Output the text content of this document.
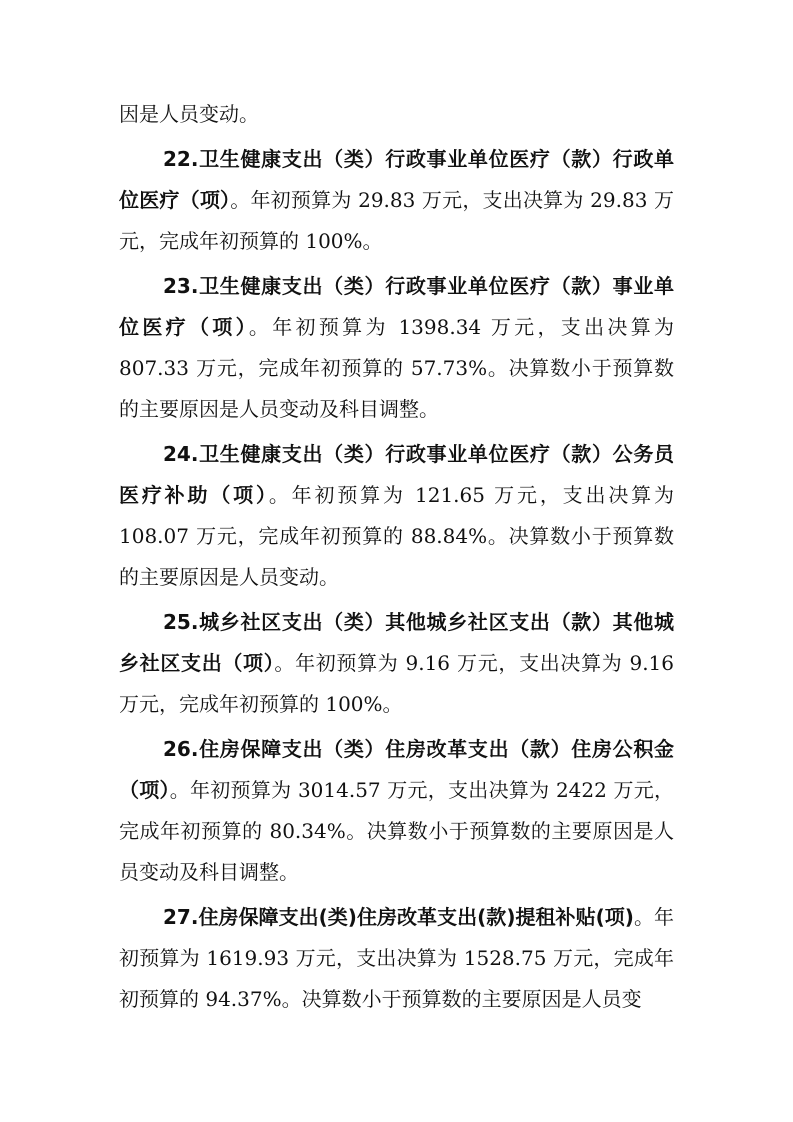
因是人员变动。

22.卫生健康支出（类）行政事业单位医疗（款）行政单位医疗（项）。年初预算为 29.83 万元，支出决算为 29.83 万元，完成年初预算的 100%。

23.卫生健康支出（类）行政事业单位医疗（款）事业单位医疗（项）。年初预算为 1398.34 万元，支出决算为 807.33 万元，完成年初预算的 57.73%。决算数小于预算数的主要原因是人员变动及科目调整。

24.卫生健康支出（类）行政事业单位医疗（款）公务员医疗补助（项）。年初预算为 121.65 万元，支出决算为 108.07 万元，完成年初预算的 88.84%。决算数小于预算数的主要原因是人员变动。

25.城乡社区支出（类）其他城乡社区支出（款）其他城乡社区支出（项）。年初预算为 9.16 万元，支出决算为 9.16 万元，完成年初预算的 100%。

26.住房保障支出（类）住房改革支出（款）住房公积金（项）。年初预算为 3014.57 万元，支出决算为 2422 万元，完成年初预算的 80.34%。决算数小于预算数的主要原因是人员变动及科目调整。

27.住房保障支出(类)住房改革支出(款)提租补贴(项)。年初预算为 1619.93 万元，支出决算为 1528.75 万元，完成年初预算的 94.37%。决算数小于预算数的主要原因是人员变
